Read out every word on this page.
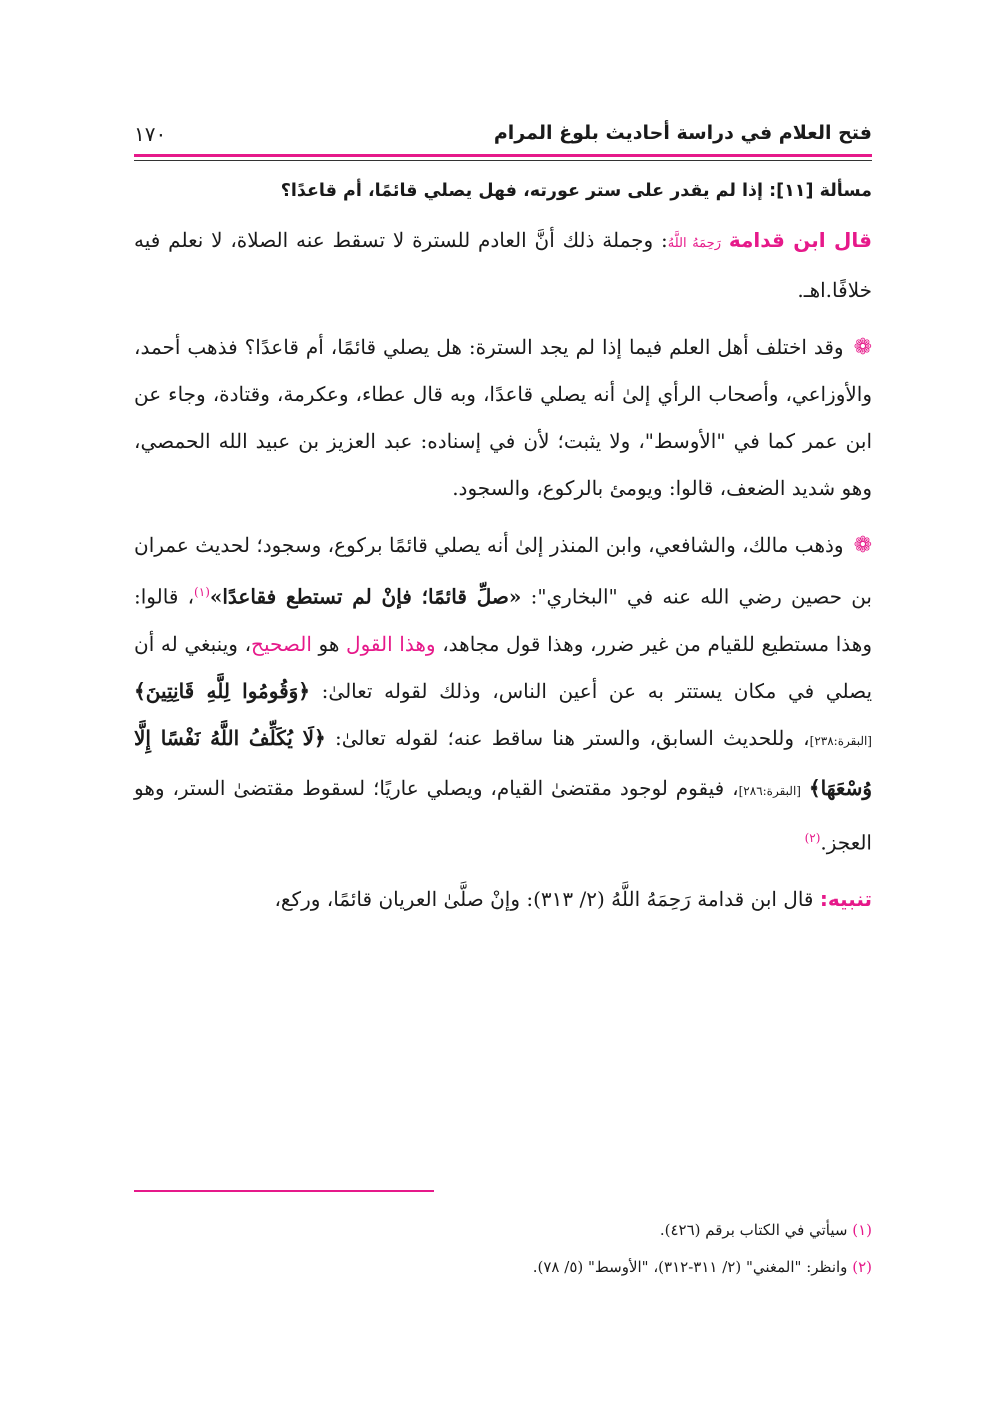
فتح العلام في دراسة أحاديث بلوغ المرام
١٧٠
مسألة [١١]: إذا لم يقدر على ستر عورته، فهل يصلي قائمًا، أم قاعدًا؟

قال ابن قدامة رَحِمَهُ اللَّهُ: وجملة ذلك أنَّ العادم للسترة لا تسقط عنه الصلاة، لا نعلم فيه خلافًا.اهـ.

❁وقد اختلف أهل العلم فيما إذا لم يجد السترة: هل يصلي قائمًا، أم قاعدًا؟ فذهب أحمد، والأوزاعي، وأصحاب الرأي إلىٰ أنه يصلي قاعدًا، وبه قال عطاء، وعكرمة، وقتادة، وجاء عن ابن عمر كما في "الأوسط"، ولا يثبت؛ لأن في إسناده: عبد العزيز بن عبيد الله الحمصي، وهو شديد الضعف، قالوا: ويومئ بالركوع، والسجود.

❁وذهب مالك، والشافعي، وابن المنذر إلىٰ أنه يصلي قائمًا بركوع، وسجود؛ لحديث عمران بن حصين رضي الله عنه في "البخاري": «صلِّ قائمًا؛ فإنْ لم تستطع فقاعدًا»$^{(١)}$، قالوا: وهذا مستطيع للقيام من غير ضرر، وهذا قول مجاهد، وهذا القول هو الصحيح، وينبغي له أن يصلي في مكان يستتر به عن أعين الناس، وذلك لقوله تعالىٰ: ﴿وَقُومُوا لِلَّهِ قَانِتِينَ﴾ [البقرة:٢٣٨]، وللحديث السابق، والستر هنا ساقط عنه؛ لقوله تعالىٰ: ﴿لَا يُكَلِّفُ اللَّهُ نَفْسًا إِلَّا وُسْعَهَا﴾ [البقرة:٢٨٦]، فيقوم لوجود مقتضىٰ القيام، ويصلي عاريًا؛ لسقوط مقتضىٰ الستر، وهو العجز.$^{(٢)}$

تنبيه: قال ابن قدامة رَحِمَهُ اللَّهُ (٢/ ٣١٣): وإنْ صلَّىٰ العريان قائمًا، وركع،

(١) سيأتي في الكتاب برقم (٤٢٦).
(٢) وانظر: "المغني" (٢/ ٣١١-٣١٢)، "الأوسط" (٥/ ٧٨).
